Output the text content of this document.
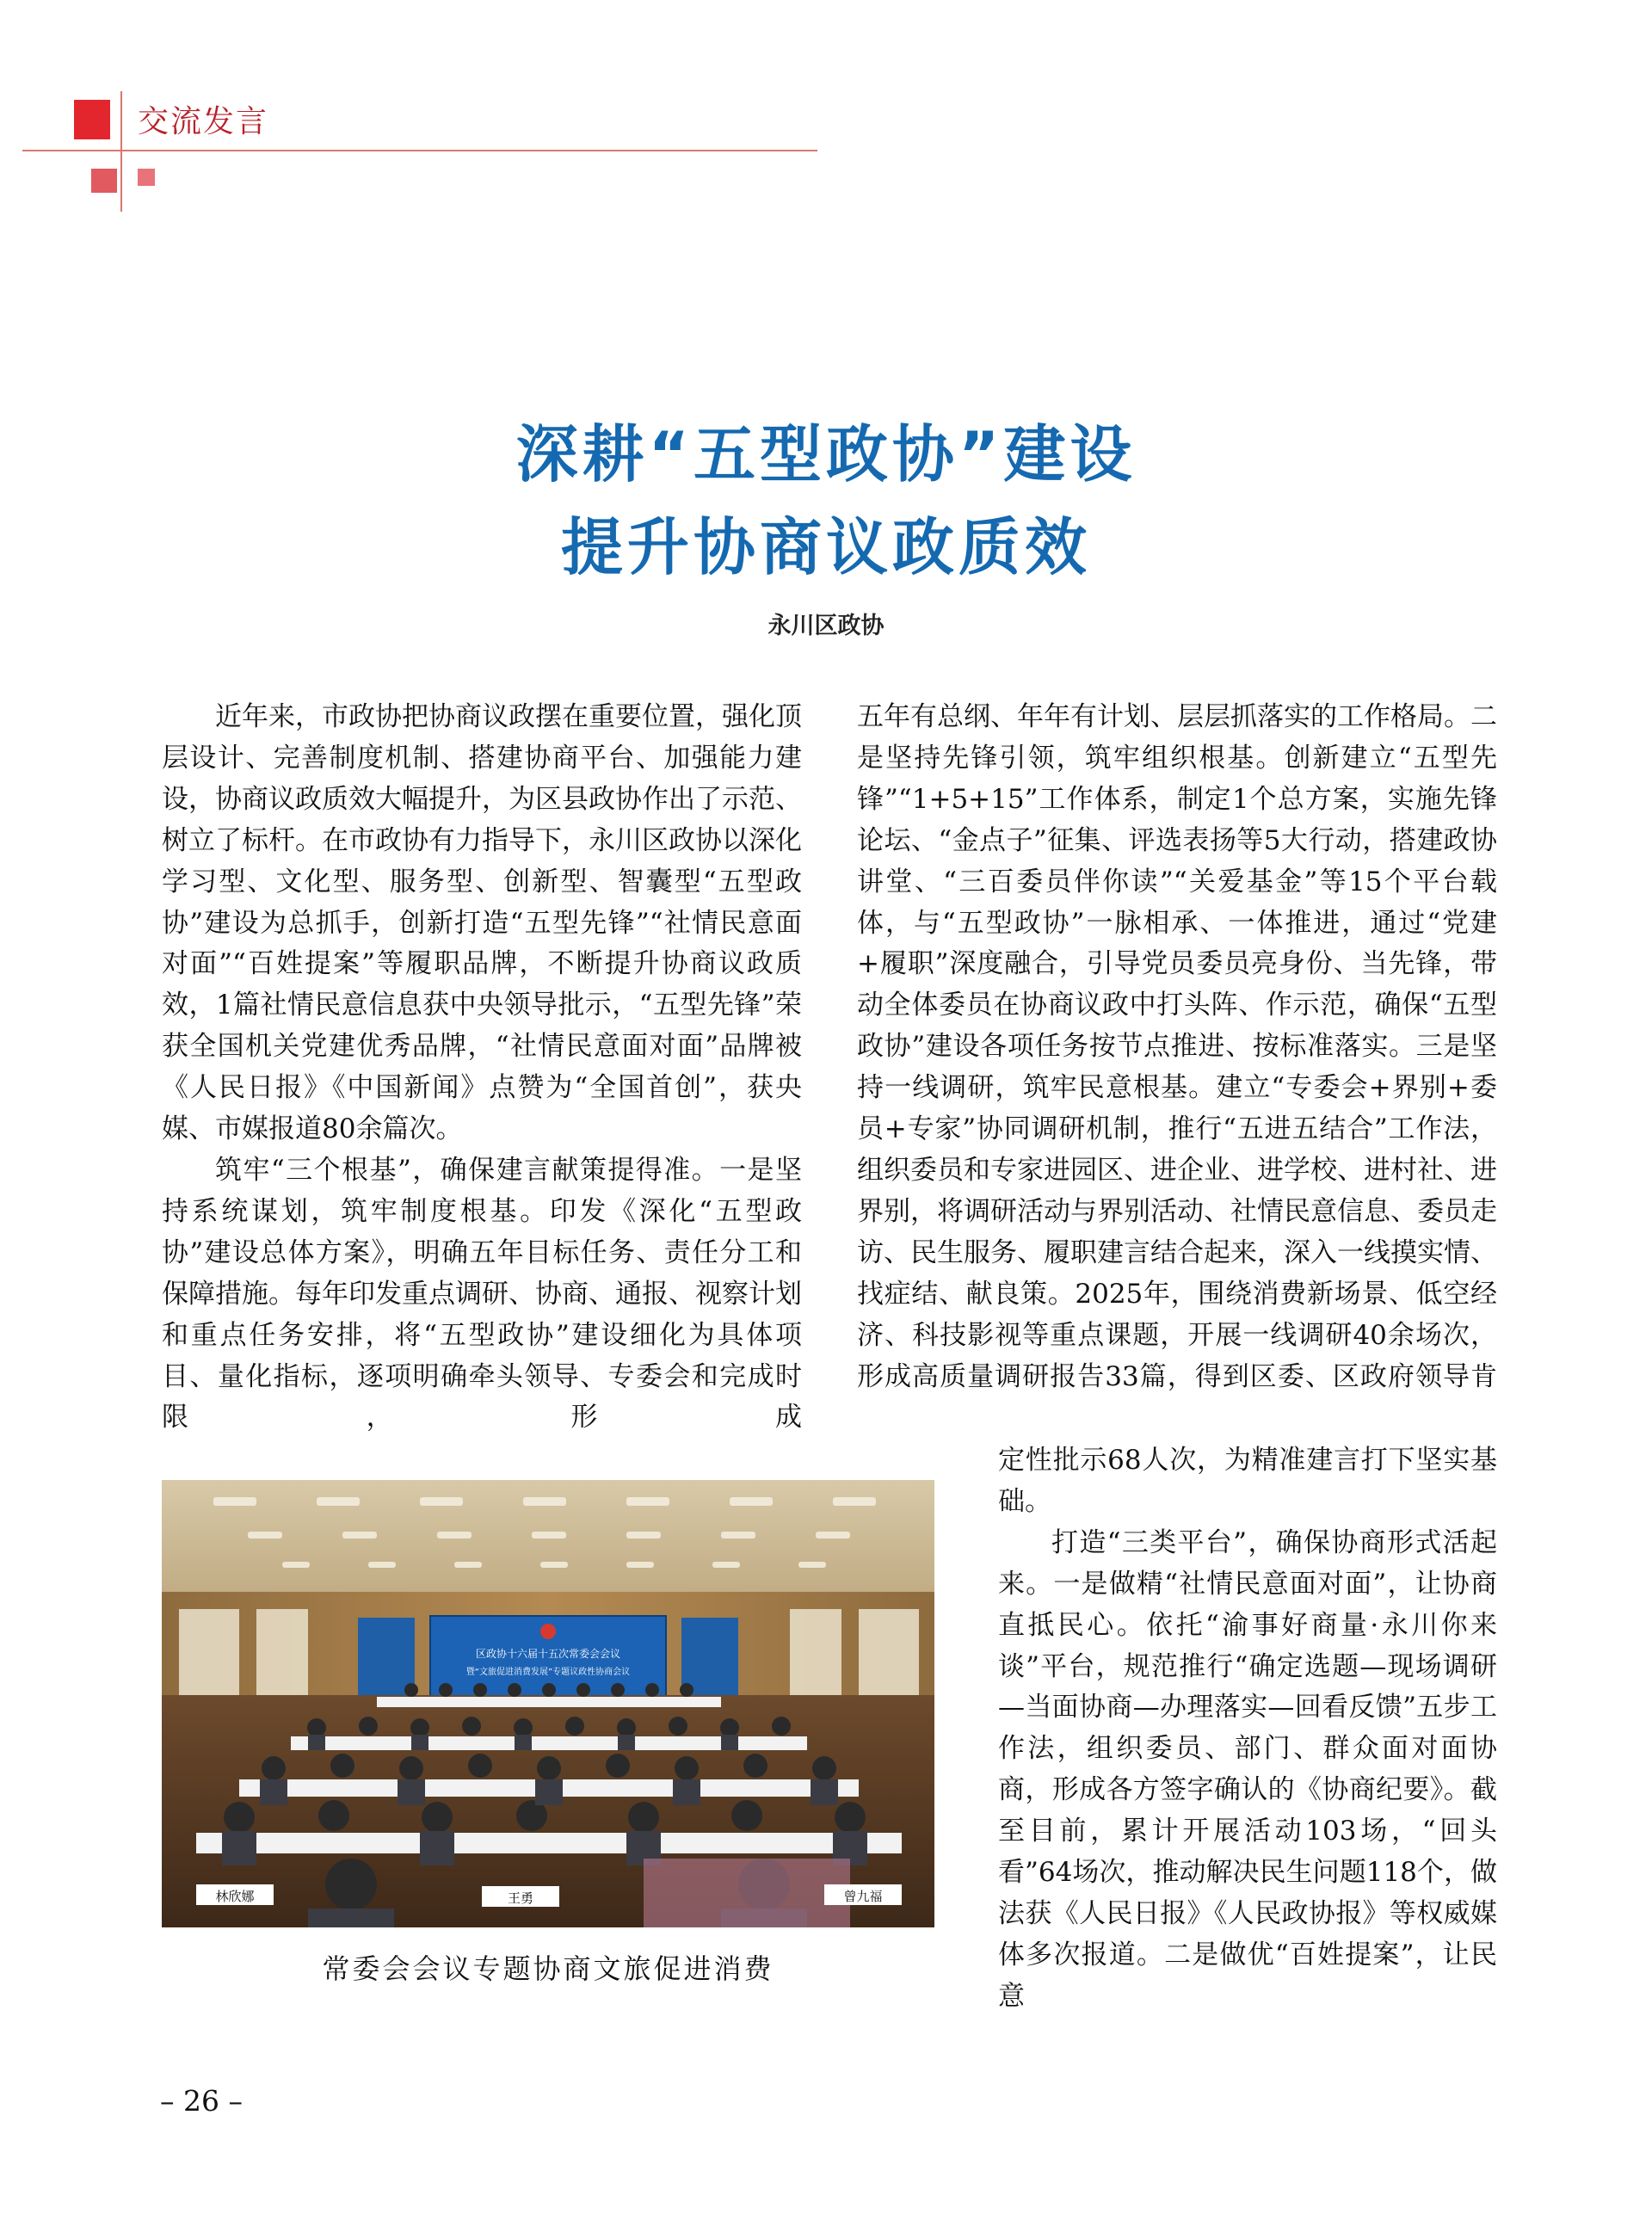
交流发言
深耕“五型政协”建设
提升协商议政质效
永川区政协

近年来，市政协把协商议政摆在重要位置，强化顶层设计、完善制度机制、搭建协商平台、加强能力建设，协商议政质效大幅提升，为区县政协作出了示范、树立了标杆。在市政协有力指导下，永川区政协以深化学习型、文化型、服务型、创新型、智囊型“五型政协”建设为总抓手，创新打造“五型先锋”“社情民意面对面”“百姓提案”等履职品牌，不断提升协商议政质效，1篇社情民意信息获中央领导批示，“五型先锋”荣获全国机关党建优秀品牌，“社情民意面对面”品牌被《人民日报》《中国新闻》点赞为“全国首创”，获央媒、市媒报道80余篇次。

筑牢“三个根基”，确保建言献策提得准。一是坚持系统谋划，筑牢制度根基。印发《深化“五型政协”建设总体方案》，明确五年目标任务、责任分工和保障措施。每年印发重点调研、协商、通报、视察计划和重点任务安排，将“五型政协”建设细化为具体项目、量化指标，逐项明确牵头领导、专委会和完成时限，形成

五年有总纲、年年有计划、层层抓落实的工作格局。二是坚持先锋引领，筑牢组织根基。创新建立“五型先锋”“1+5+15”工作体系，制定1个总方案，实施先锋论坛、“金点子”征集、评选表扬等5大行动，搭建政协讲堂、“三百委员伴你读”“关爱基金”等15个平台载体，与“五型政协”一脉相承、一体推进，通过“党建+履职”深度融合，引导党员委员亮身份、当先锋，带动全体委员在协商议政中打头阵、作示范，确保“五型政协”建设各项任务按节点推进、按标准落实。三是坚持一线调研，筑牢民意根基。建立“专委会+界别+委员+专家”协同调研机制，推行“五进五结合”工作法，组织委员和专家进园区、进企业、进学校、进村社、进界别，将调研活动与界别活动、社情民意信息、委员走访、民生服务、履职建言结合起来，深入一线摸实情、找症结、献良策。2025年，围绕消费新场景、低空经济、科技影视等重点课题，开展一线调研40余场次，形成高质量调研报告33篇，得到区委、区政府领导肯

定性批示68人次，为精准建言打下坚实基础。

打造“三类平台”，确保协商形式活起来。一是做精“社情民意面对面”，让协商直抵民心。依托“渝事好商量·永川你来谈”平台，规范推行“确定选题—现场调研—当面协商—办理落实—回看反馈”五步工作法，组织委员、部门、群众面对面协商，形成各方签字确认的《协商纪要》。截至目前，累计开展活动103场，“回头看”64场次，推动解决民生问题118个，做法获《人民日报》《人民政协报》等权威媒体多次报道。二是做优“百姓提案”，让民意

区政协十六届十五次常委会会议
暨“文旅促进消费发展”专题议政性协商会议
林欣娜	王勇	曾九福
常委会会议专题协商文旅促进消费
– 26 –
